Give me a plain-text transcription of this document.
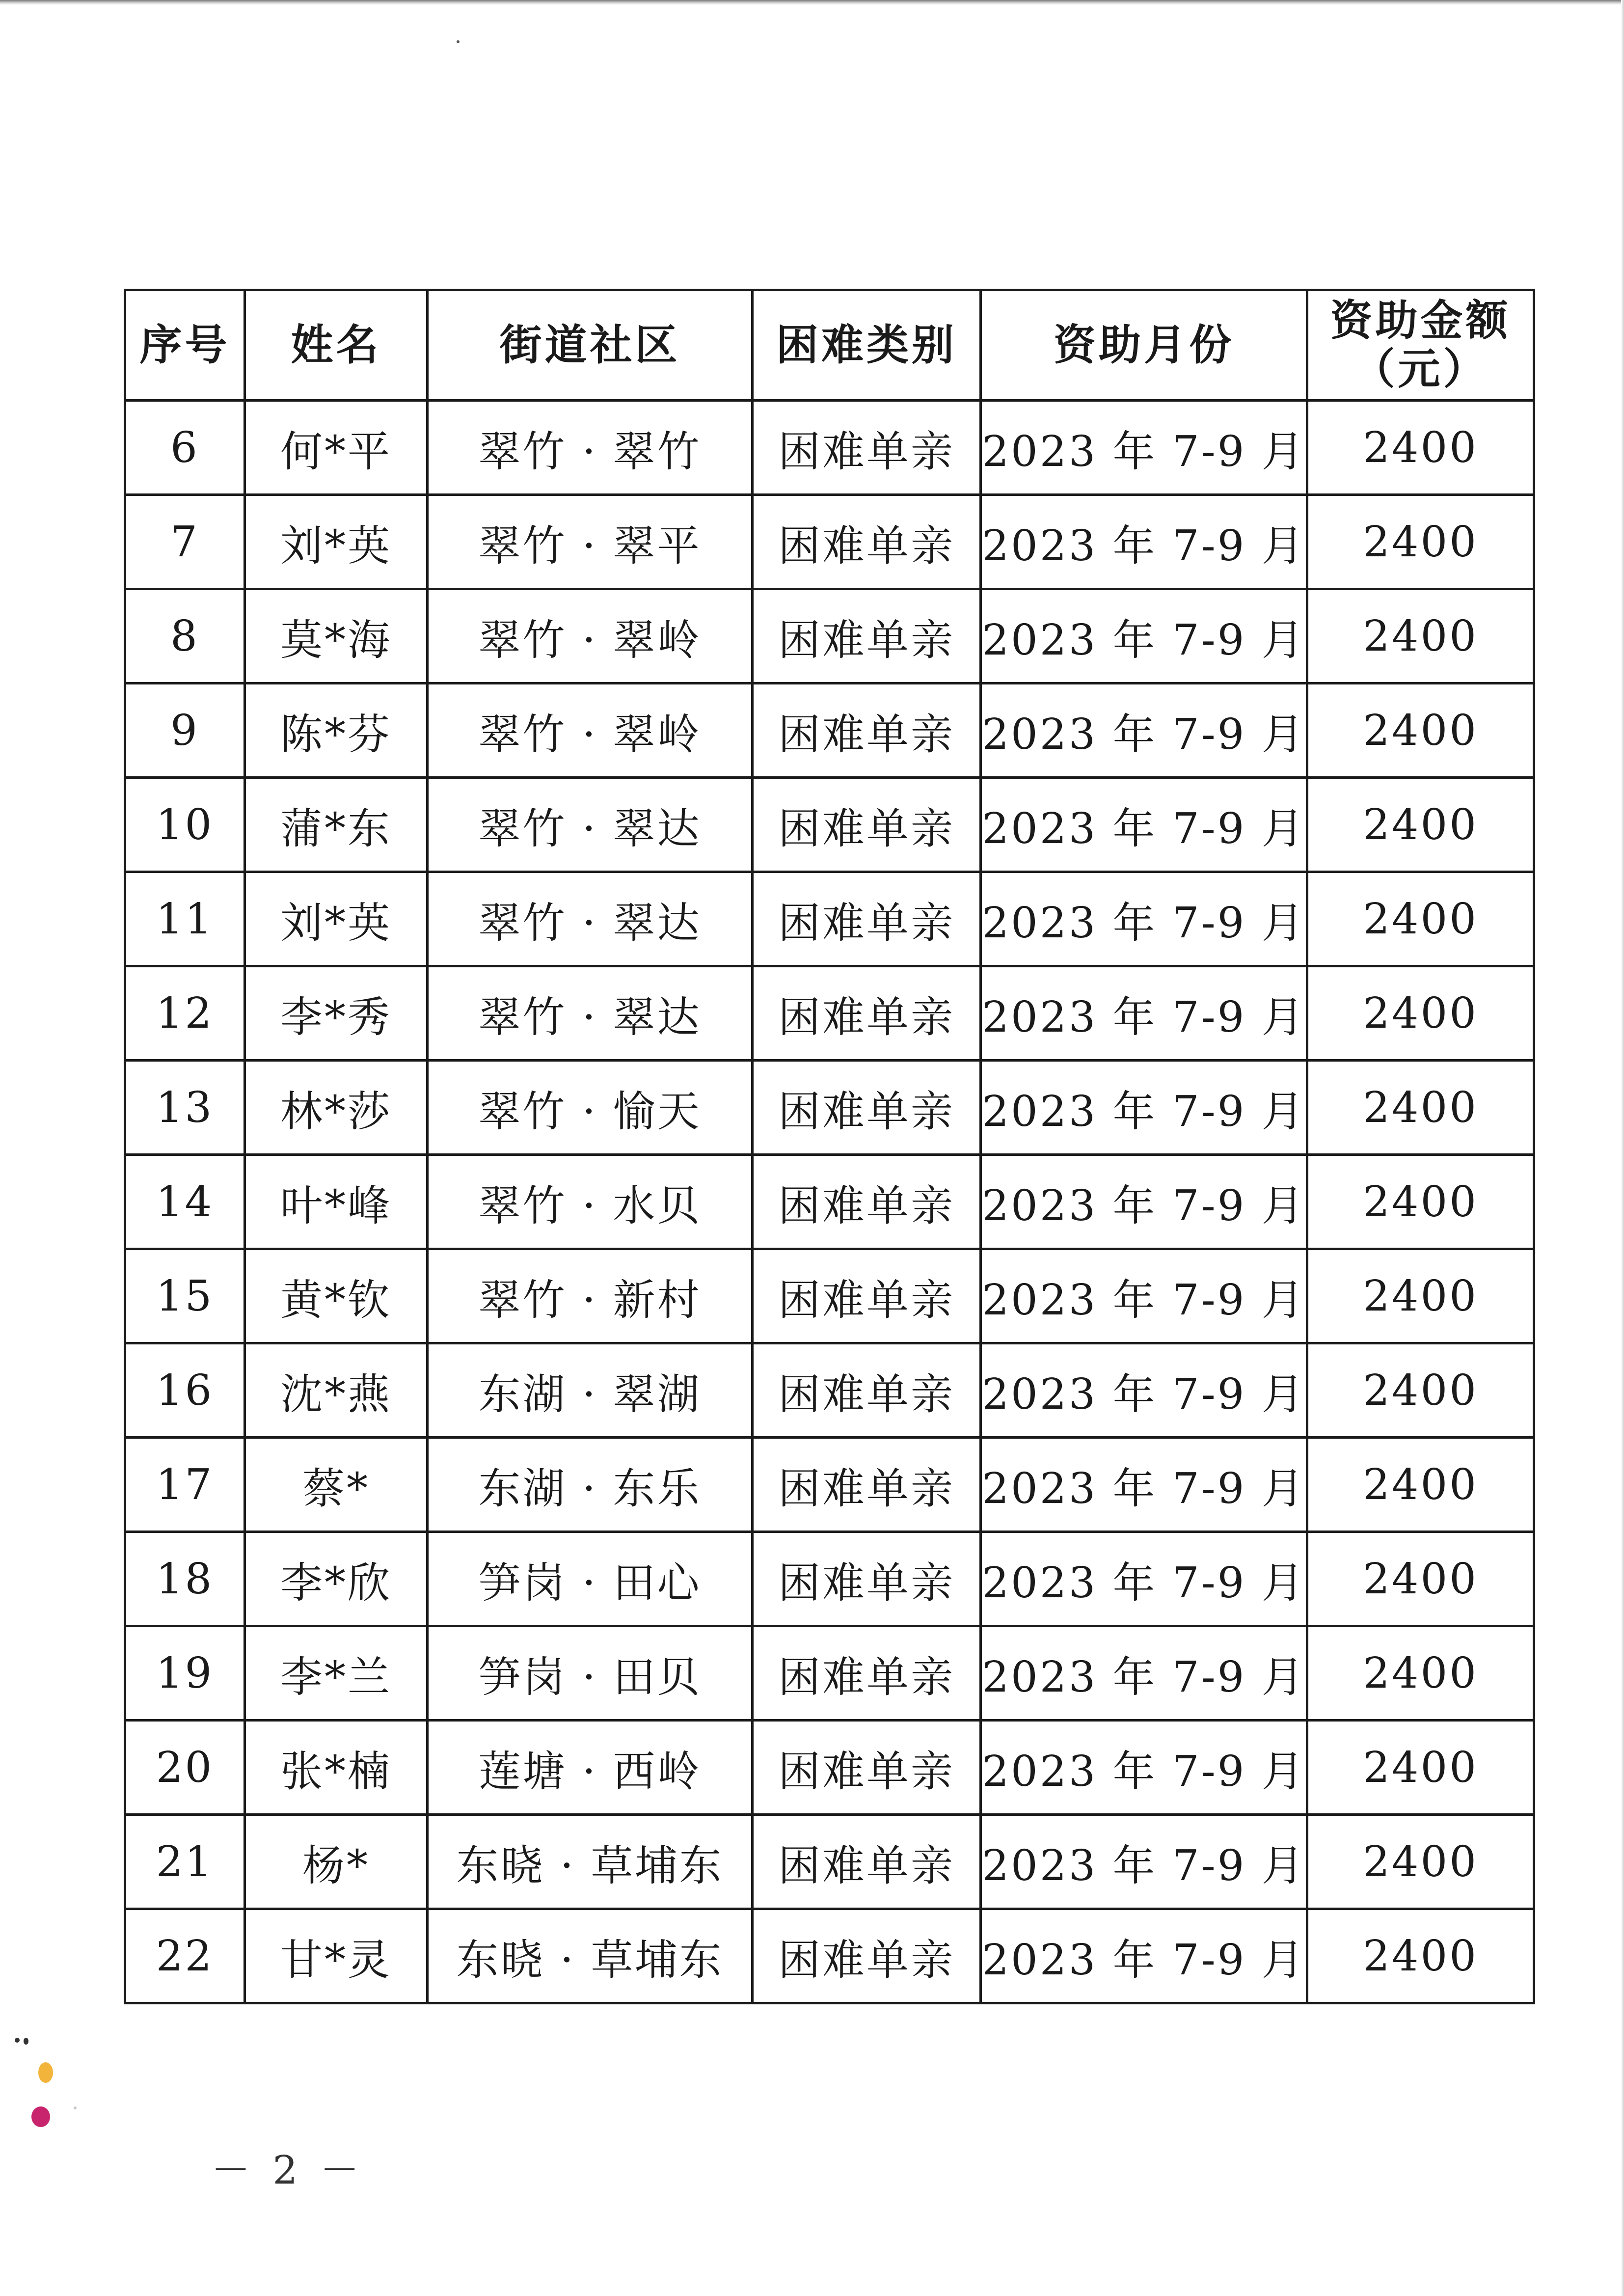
序号	姓名	街道社区	困难类别	资助月份	资助金额
（元）

6	何*平	翠竹 · 翠竹	困难单亲	2023 年 7-9 月	2400
7	刘*英	翠竹 · 翠平	困难单亲	2023 年 7-9 月	2400
8	莫*海	翠竹 · 翠岭	困难单亲	2023 年 7-9 月	2400
9	陈*芬	翠竹 · 翠岭	困难单亲	2023 年 7-9 月	2400
10	蒲*东	翠竹 · 翠达	困难单亲	2023 年 7-9 月	2400
11	刘*英	翠竹 · 翠达	困难单亲	2023 年 7-9 月	2400
12	李*秀	翠竹 · 翠达	困难单亲	2023 年 7-9 月	2400
13	林*莎	翠竹 · 愉天	困难单亲	2023 年 7-9 月	2400
14	叶*峰	翠竹 · 水贝	困难单亲	2023 年 7-9 月	2400
15	黄*钦	翠竹 · 新村	困难单亲	2023 年 7-9 月	2400
16	沈*燕	东湖 · 翠湖	困难单亲	2023 年 7-9 月	2400
17	蔡*	东湖 · 东乐	困难单亲	2023 年 7-9 月	2400
18	李*欣	笋岗 · 田心	困难单亲	2023 年 7-9 月	2400
19	李*兰	笋岗 · 田贝	困难单亲	2023 年 7-9 月	2400
20	张*楠	莲塘 · 西岭	困难单亲	2023 年 7-9 月	2400
21	杨*	东晓 · 草埔东	困难单亲	2023 年 7-9 月	2400
22	甘*灵	东晓 · 草埔东	困难单亲	2023 年 7-9 月	2400
－ 2 －
